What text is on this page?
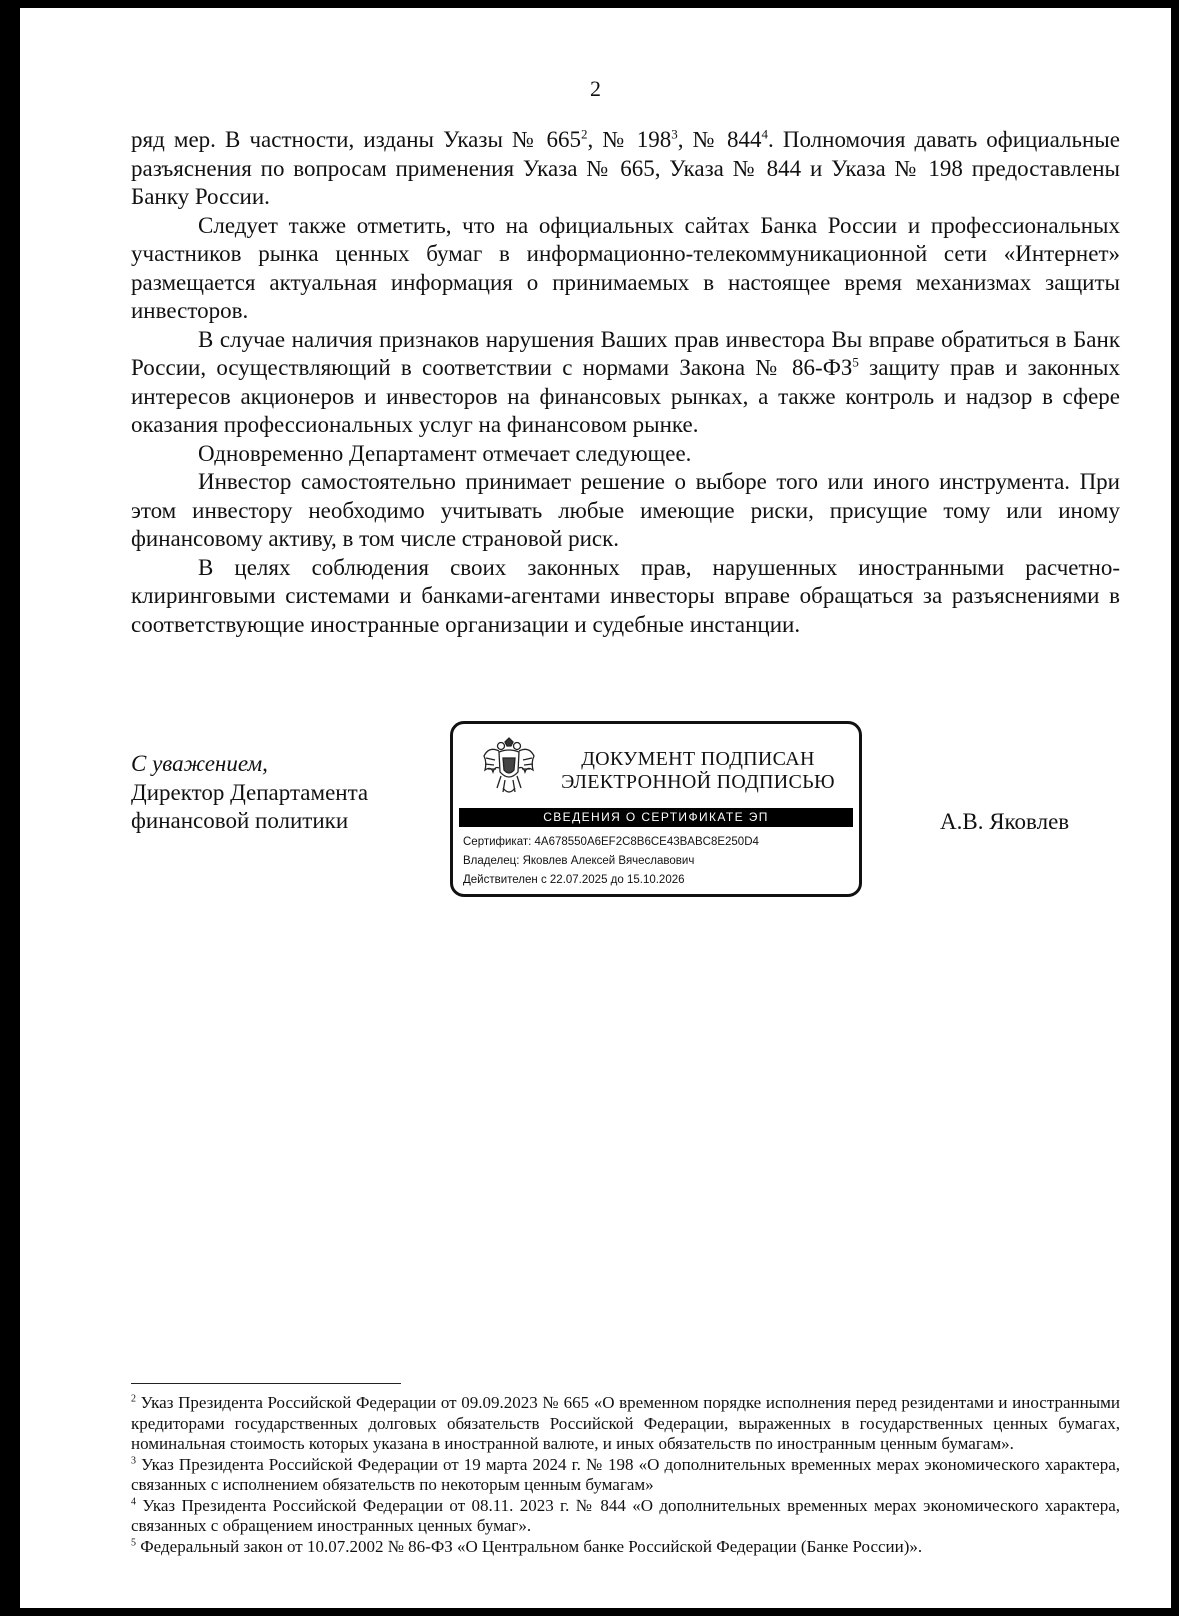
2

ряд мер. В частности, изданы Указы № $665^2$, № $198^3$, № $844^4$. Полномочия давать официальные разъяснения по вопросам применения Указа № 665, Указа № 844 и Указа № 198 предоставлены Банку России.

Следует также отметить, что на официальных сайтах Банка России и профессиональных участников рынка ценных бумаг в информационно-телекоммуникационной сети «Интернет» размещается актуальная информация о принимаемых в настоящее время механизмах защиты инвесторов.

В случае наличия признаков нарушения Ваших прав инвестора Вы вправе обратиться в Банк России, осуществляющий в соответствии с нормами Закона № $86-ФЗ^5$ защиту прав и законных интересов акционеров и инвесторов на финансовых рынках, а также контроль и надзор в сфере оказания профессиональных услуг на финансовом рынке.

Одновременно Департамент отмечает следующее.

Инвестор самостоятельно принимает решение о выборе того или иного инструмента. При этом инвестору необходимо учитывать любые имеющие риски, присущие тому или иному финансовому активу, в том числе страновой риск.

В целях соблюдения своих законных прав, нарушенных иностранными расчетно-клиринговыми системами и банками-агентами инвесторы вправе обращаться за разъяснениями в соответствующие иностранные организации и судебные инстанции.

С уважением,
Директор Департамента
финансовой политики
ДОКУМЕНТ ПОДПИСАН
ЭЛЕКТРОННОЙ ПОДПИСЬЮ
СВЕДЕНИЯ О СЕРТИФИКАТЕ ЭП
Сертификат: 4A678550A6EF2C8B6CE43BABC8E250D4
Владелец: Яковлев Алексей Вячеславович
Действителен с 22.07.2025 до 15.10.2026
А.В. Яковлев

$^2$ Указ Президента Российской Федерации от 09.09.2023 № 665 «О временном порядке исполнения перед резидентами и иностранными кредиторами государственных долговых обязательств Российской Федерации, выраженных в государственных ценных бумагах, номинальная стоимость которых указана в иностранной валюте, и иных обязательств по иностранным ценным бумагам».

$^3$ Указ Президента Российской Федерации от 19 марта 2024 г. № 198 «О дополнительных временных мерах экономического характера, связанных с исполнением обязательств по некоторым ценным бумагам»

$^4$ Указ Президента Российской Федерации от 08.11. 2023 г. № 844 «О дополнительных временных мерах экономического характера, связанных с обращением иностранных ценных бумаг».

$^5$ Федеральный закон от 10.07.2002 № 86-ФЗ «О Центральном банке Российской Федерации (Банке России)».
